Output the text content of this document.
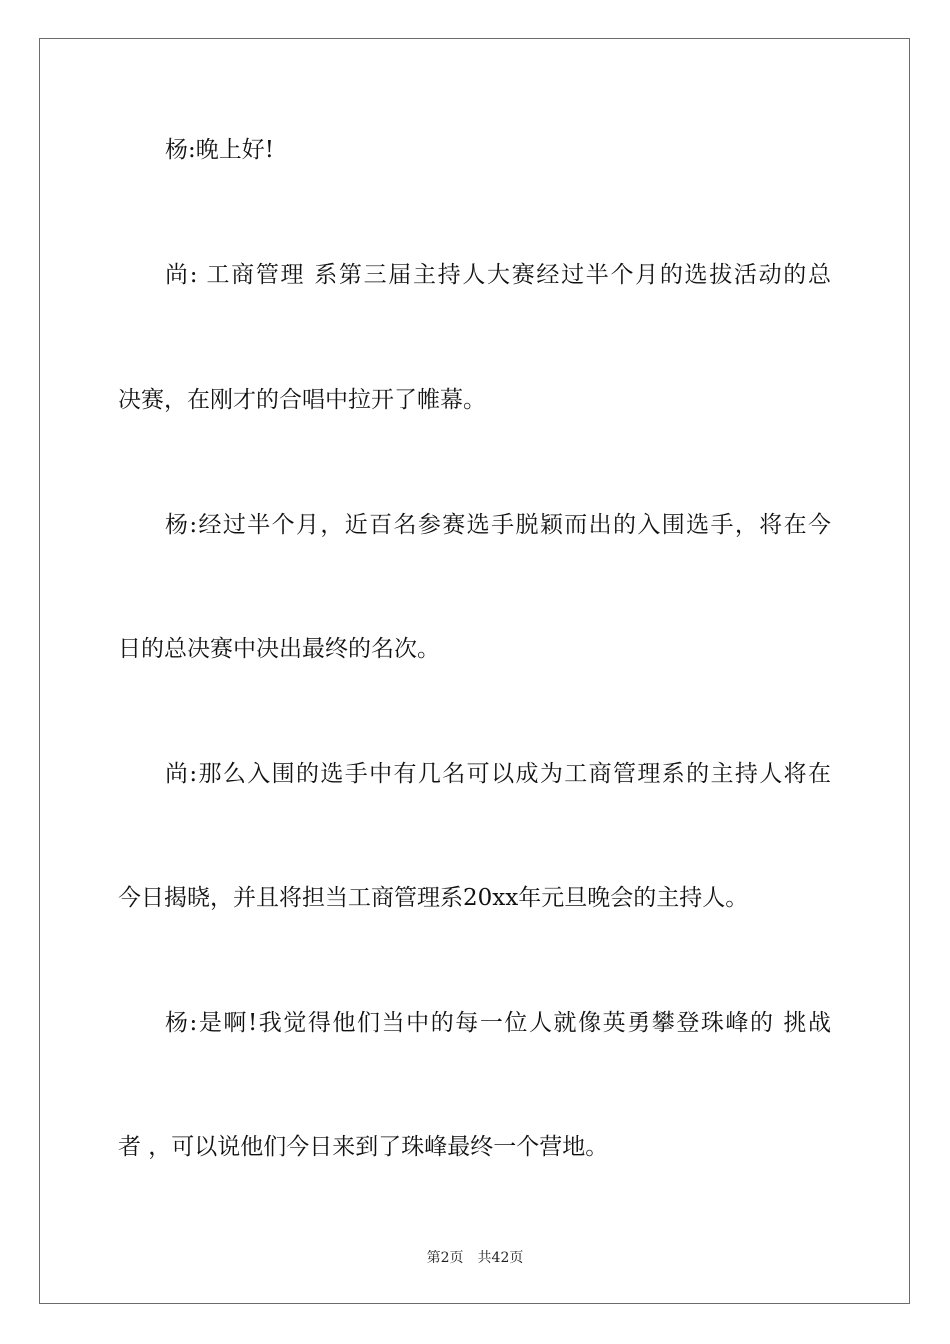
杨:晚上好!
尚: 工商管理 系第三届主持人大赛经过半个月的选拔活动的总
决赛，在刚才的合唱中拉开了帷幕。
杨:经过半个月，近百名参赛选手脱颖而出的入围选手，将在今
日的总决赛中决出最终的名次。
尚:那么入围的选手中有几名可以成为工商管理系的主持人将在
今日揭晓，并且将担当工商管理系20xx年元旦晚会的主持人。
杨:是啊!我觉得他们当中的每一位人就像英勇攀登珠峰的 挑战
者 ，可以说他们今日来到了珠峰最终一个营地。
第2页 共42页
